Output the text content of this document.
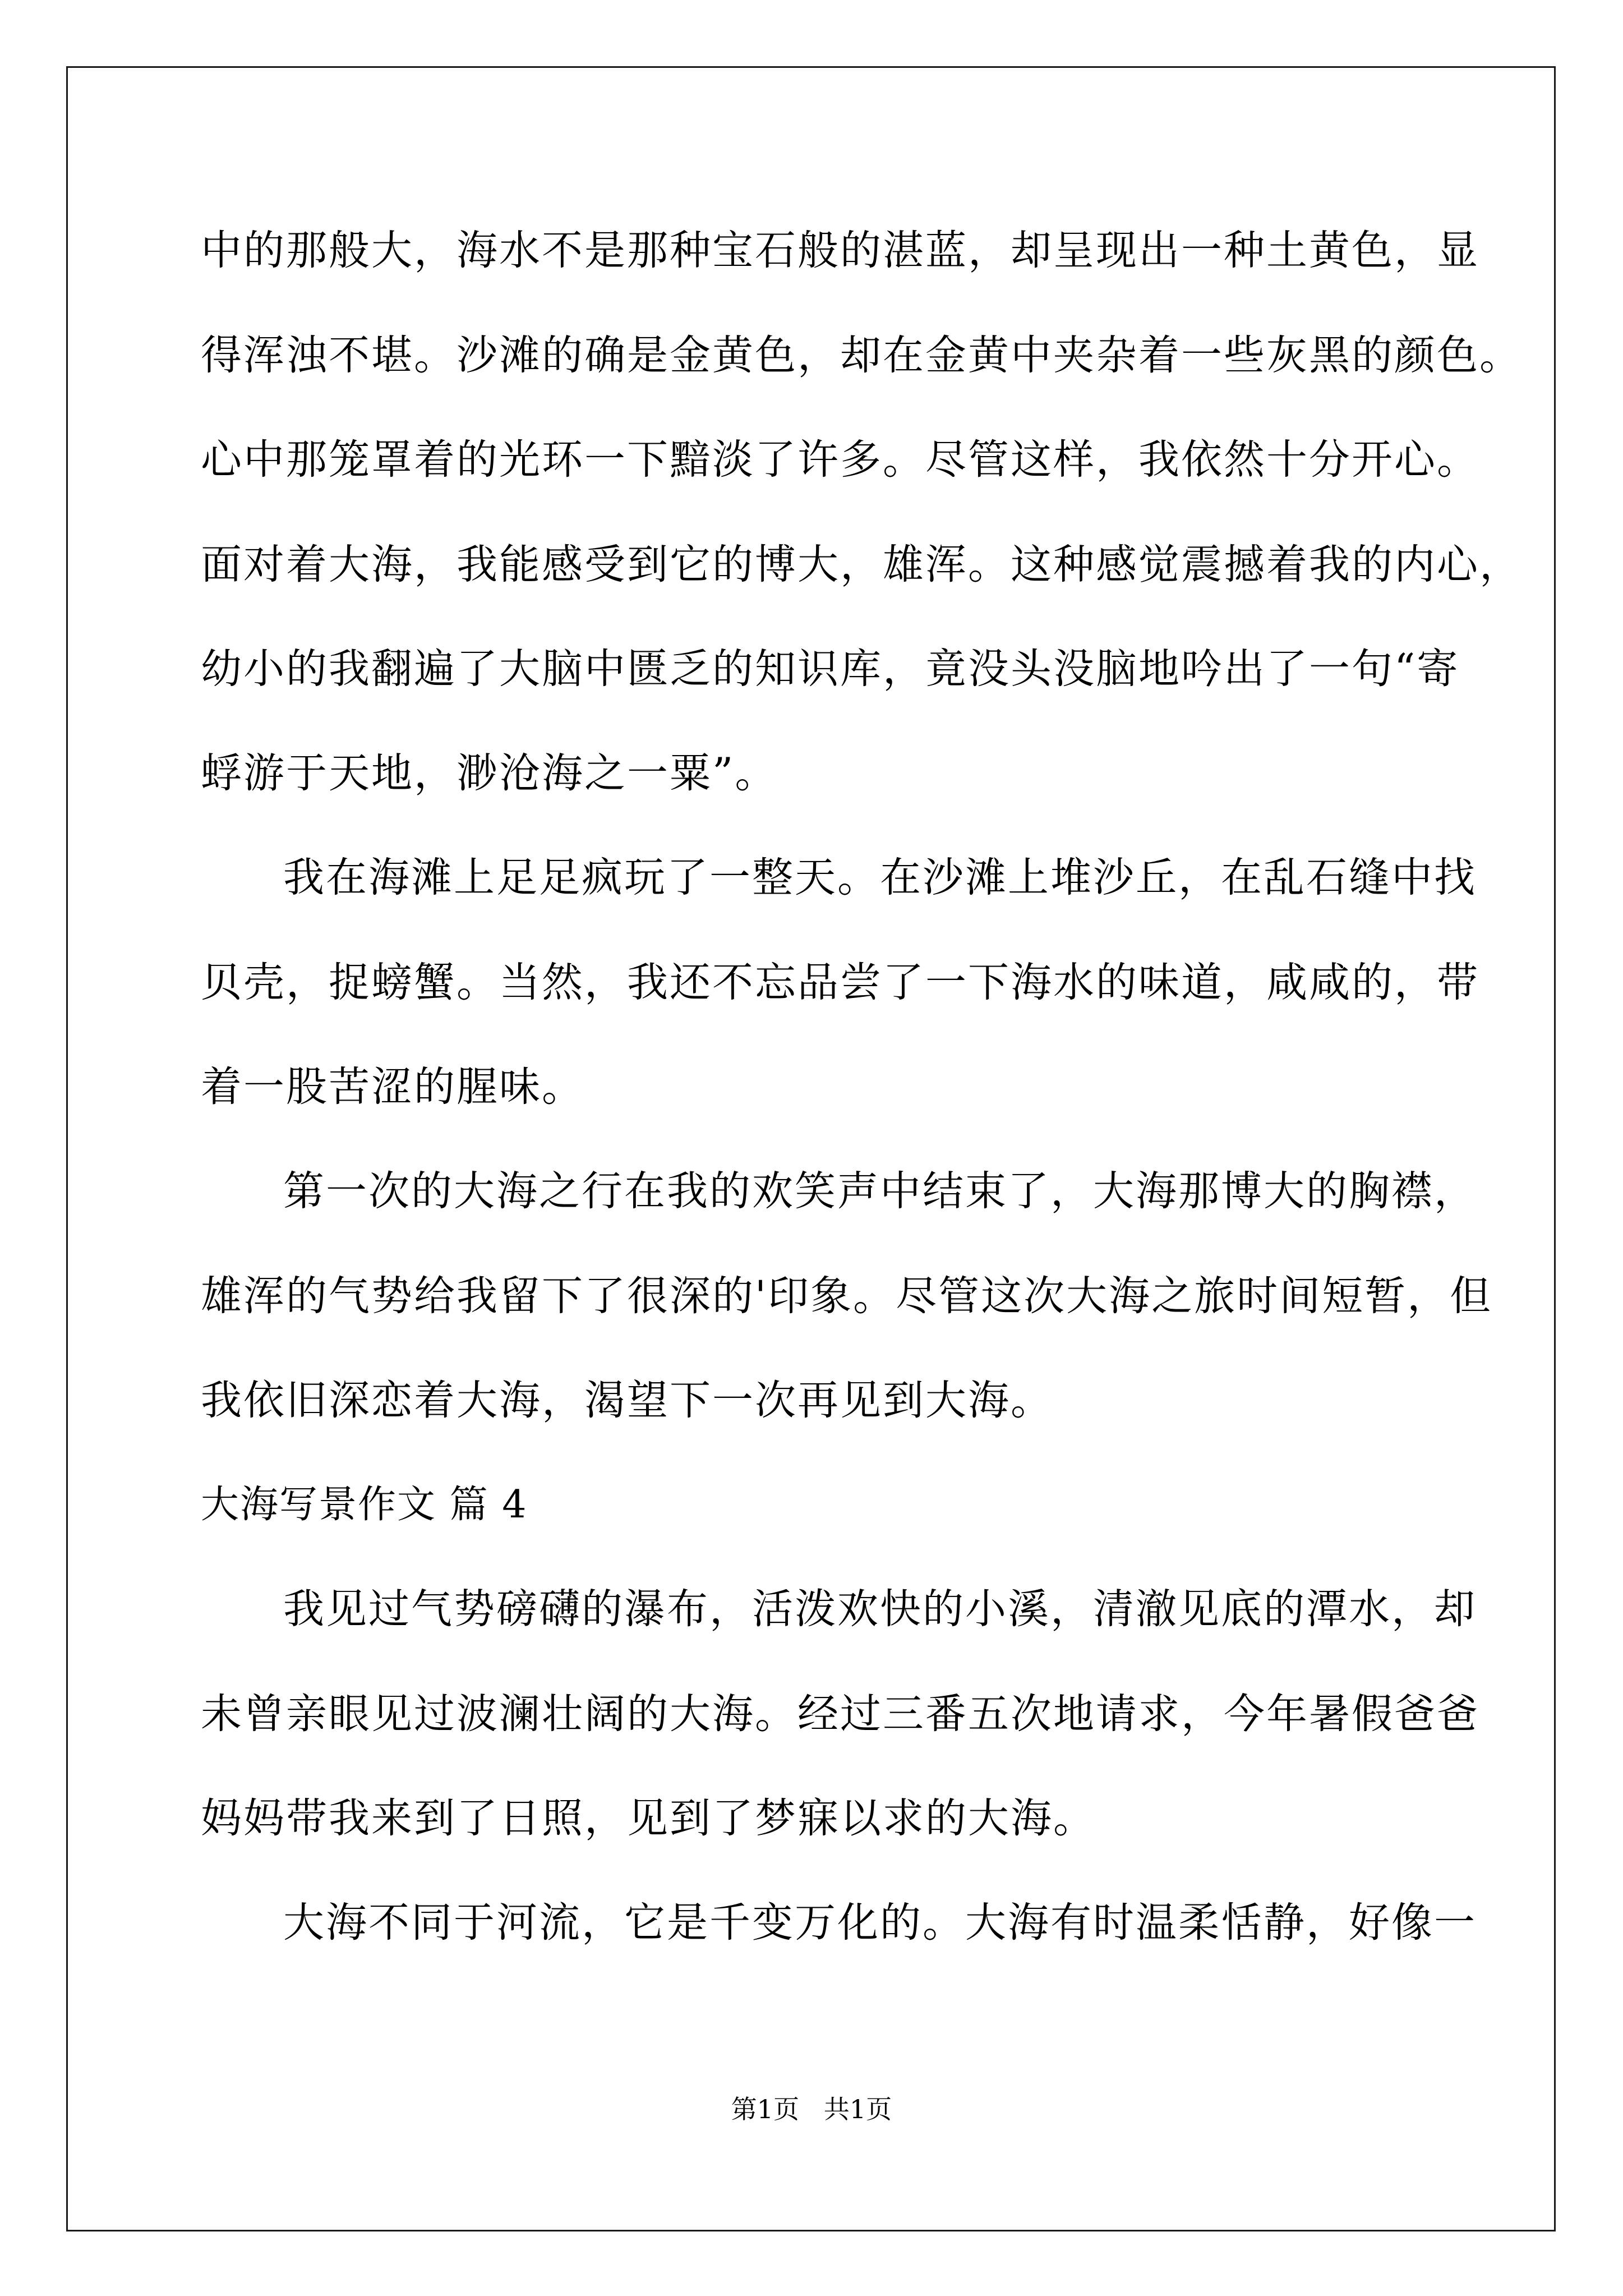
中的那般大，海水不是那种宝石般的湛蓝，却呈现出一种土黄色，显
得浑浊不堪。沙滩的确是金黄色，却在金黄中夹杂着一些灰黑的颜色。
心中那笼罩着的光环一下黯淡了许多。尽管这样，我依然十分开心。
面对着大海，我能感受到它的博大，雄浑。这种感觉震撼着我的内心，
幼小的我翻遍了大脑中匮乏的知识库，竟没头没脑地吟出了一句“寄
蜉游于天地，渺沧海之一粟”。
我在海滩上足足疯玩了一整天。在沙滩上堆沙丘，在乱石缝中找
贝壳，捉螃蟹。当然，我还不忘品尝了一下海水的味道，咸咸的，带
着一股苦涩的腥味。
第一次的大海之行在我的欢笑声中结束了，大海那博大的胸襟，
雄浑的气势给我留下了很深的'印象。尽管这次大海之旅时间短暂，但
我依旧深恋着大海，渴望下一次再见到大海。
大海写景作文 篇 4
我见过气势磅礴的瀑布，活泼欢快的小溪，清澈见底的潭水，却
未曾亲眼见过波澜壮阔的大海。经过三番五次地请求，今年暑假爸爸
妈妈带我来到了日照，见到了梦寐以求的大海。
大海不同于河流，它是千变万化的。大海有时温柔恬静，好像一
第1页   共1页
